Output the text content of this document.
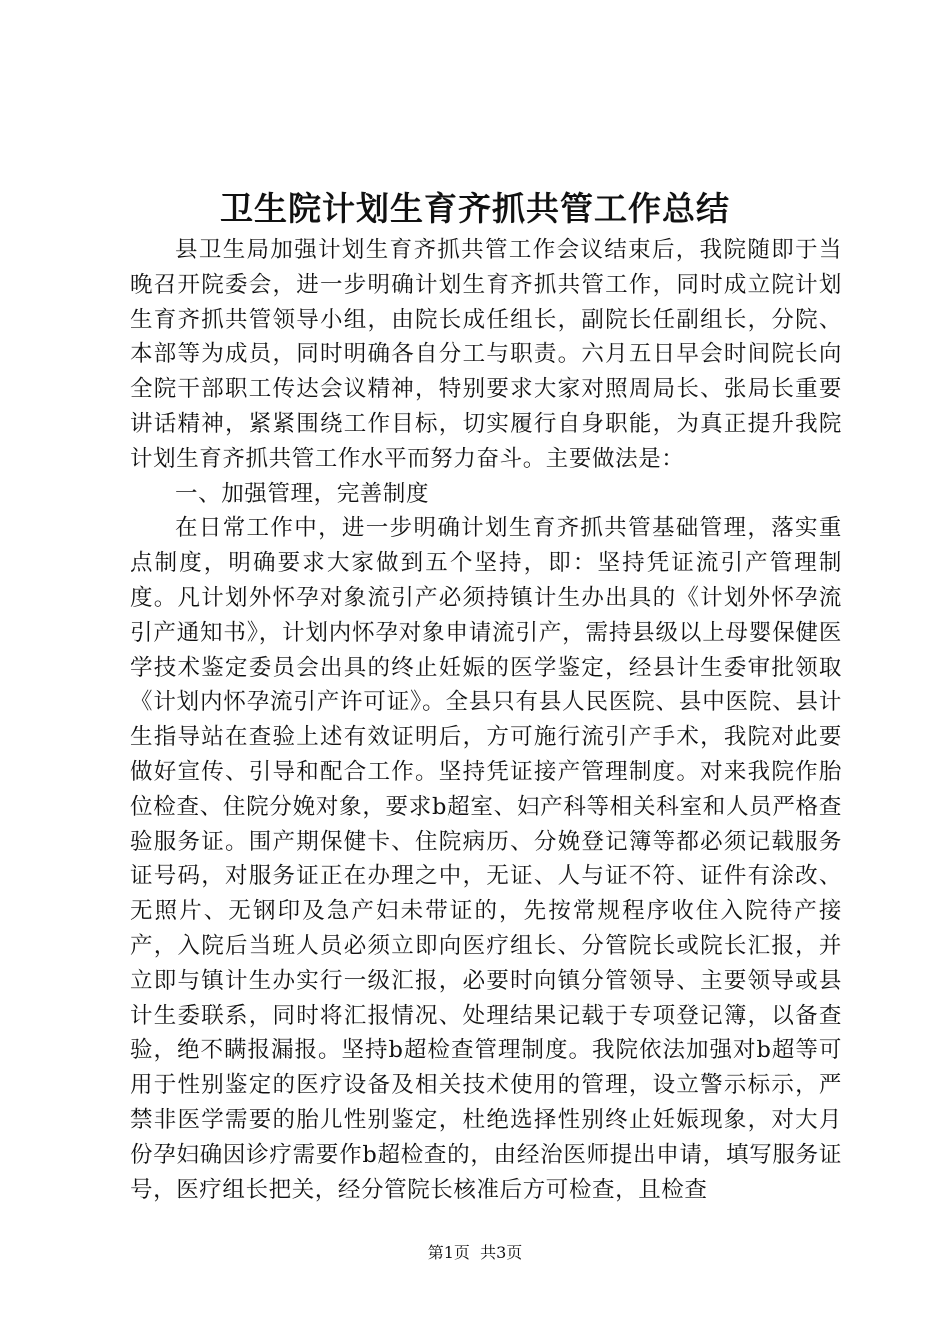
卫生院计划生育齐抓共管工作总结

县卫生局加强计划生育齐抓共管工作会议结束后，我院随即于当晚召开院委会，进一步明确计划生育齐抓共管工作，同时成立院计划生育齐抓共管领导小组，由院长成任组长，副院长任副组长，分院、本部等为成员，同时明确各自分工与职责。六月五日早会时间院长向全院干部职工传达会议精神，特别要求大家对照周局长、张局长重要讲话精神，紧紧围绕工作目标，切实履行自身职能，为真正提升我院计划生育齐抓共管工作水平而努力奋斗。主要做法是：

一、加强管理，完善制度

在日常工作中，进一步明确计划生育齐抓共管基础管理，落实重点制度，明确要求大家做到五个坚持，即：坚持凭证流引产管理制度。凡计划外怀孕对象流引产必须持镇计生办出具的《计划外怀孕流引产通知书》，计划内怀孕对象申请流引产，需持县级以上母婴保健医学技术鉴定委员会出具的终止妊娠的医学鉴定，经县计生委审批领取《计划内怀孕流引产许可证》。全县只有县人民医院、县中医院、县计生指导站在查验上述有效证明后，方可施行流引产手术，我院对此要做好宣传、引导和配合工作。坚持凭证接产管理制度。对来我院作胎位检查、住院分娩对象，要求b超室、妇产科等相关科室和人员严格查验服务证。围产期保健卡、住院病历、分娩登记簿等都必须记载服务证号码，对服务证正在办理之中，无证、人与证不符、证件有涂改、无照片、无钢印及急产妇未带证的，先按常规程序收住入院待产接产，入院后当班人员必须立即向医疗组长、分管院长或院长汇报，并立即与镇计生办实行一级汇报，必要时向镇分管领导、主要领导或县计生委联系，同时将汇报情况、处理结果记载于专项登记簿，以备查验，绝不瞒报漏报。坚持b超检查管理制度。我院依法加强对b超等可用于性别鉴定的医疗设备及相关技术使用的管理，设立警示标示，严禁非医学需要的胎儿性别鉴定，杜绝选择性别终止妊娠现象，对大月份孕妇确因诊疗需要作b超检查的，由经治医师提出申请，填写服务证号，医疗组长把关，经分管院长核准后方可检查，且检查

第1页 共3页
